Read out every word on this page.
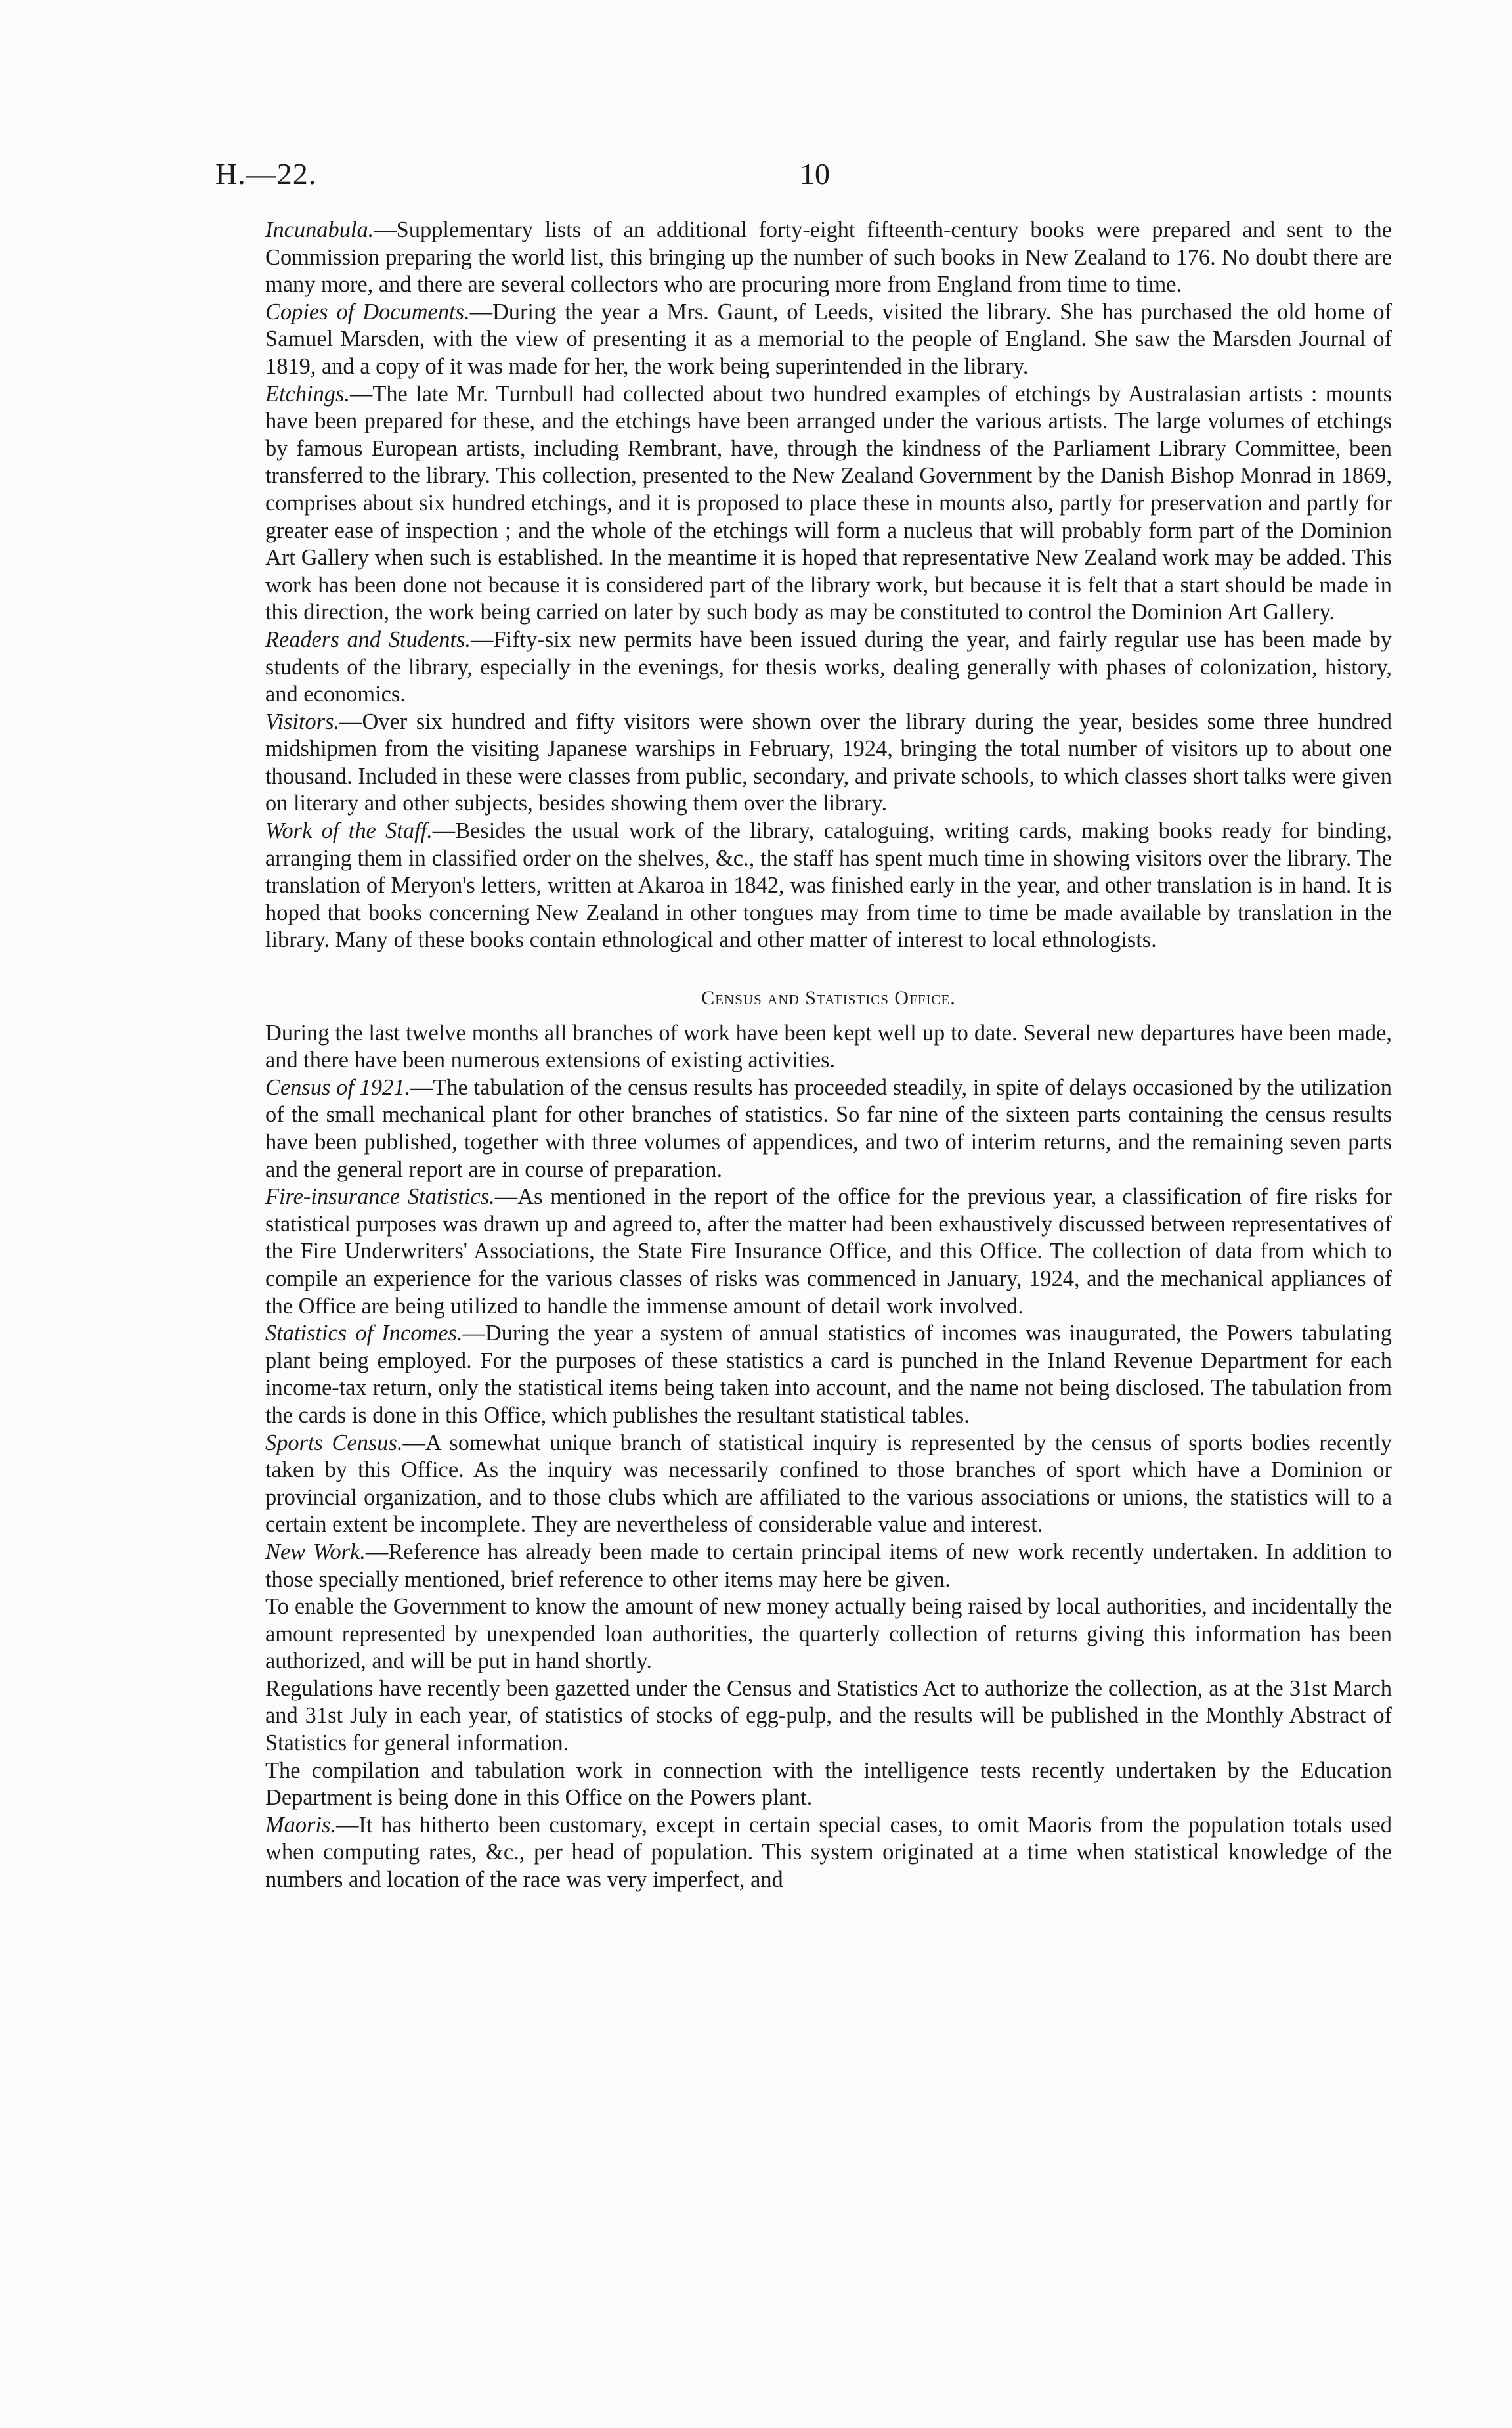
H.—22.	10

Incunabula.—Supplementary lists of an additional forty-eight fifteenth-century books were prepared and sent to the Commission preparing the world list, this bringing up the number of such books in New Zealand to 176. No doubt there are many more, and there are several collectors who are procuring more from England from time to time.

Copies of Documents.—During the year a Mrs. Gaunt, of Leeds, visited the library. She has purchased the old home of Samuel Marsden, with the view of presenting it as a memorial to the people of England. She saw the Marsden Journal of 1819, and a copy of it was made for her, the work being superintended in the library.

Etchings.—The late Mr. Turnbull had collected about two hundred examples of etchings by Australasian artists : mounts have been prepared for these, and the etchings have been arranged under the various artists. The large volumes of etchings by famous European artists, including Rembrant, have, through the kindness of the Parliament Library Committee, been transferred to the library. This collection, presented to the New Zealand Government by the Danish Bishop Monrad in 1869, comprises about six hundred etchings, and it is proposed to place these in mounts also, partly for preservation and partly for greater ease of inspection ; and the whole of the etchings will form a nucleus that will probably form part of the Dominion Art Gallery when such is established. In the meantime it is hoped that representative New Zealand work may be added. This work has been done not because it is considered part of the library work, but because it is felt that a start should be made in this direction, the work being carried on later by such body as may be constituted to control the Dominion Art Gallery.

Readers and Students.—Fifty-six new permits have been issued during the year, and fairly regular use has been made by students of the library, especially in the evenings, for thesis works, dealing generally with phases of colonization, history, and economics.

Visitors.—Over six hundred and fifty visitors were shown over the library during the year, besides some three hundred midshipmen from the visiting Japanese warships in February, 1924, bringing the total number of visitors up to about one thousand. Included in these were classes from public, secondary, and private schools, to which classes short talks were given on literary and other subjects, besides showing them over the library.

Work of the Staff.—Besides the usual work of the library, cataloguing, writing cards, making books ready for binding, arranging them in classified order on the shelves, &c., the staff has spent much time in showing visitors over the library. The translation of Meryon's letters, written at Akaroa in 1842, was finished early in the year, and other translation is in hand. It is hoped that books concerning New Zealand in other tongues may from time to time be made available by translation in the library. Many of these books contain ethnological and other matter of interest to local ethnologists.

Census and Statistics Office.

During the last twelve months all branches of work have been kept well up to date. Several new departures have been made, and there have been numerous extensions of existing activities.

Census of 1921.—The tabulation of the census results has proceeded steadily, in spite of delays occasioned by the utilization of the small mechanical plant for other branches of statistics. So far nine of the sixteen parts containing the census results have been published, together with three volumes of appendices, and two of interim returns, and the remaining seven parts and the general report are in course of preparation.

Fire-insurance Statistics.—As mentioned in the report of the office for the previous year, a classification of fire risks for statistical purposes was drawn up and agreed to, after the matter had been exhaustively discussed between representatives of the Fire Underwriters' Associations, the State Fire Insurance Office, and this Office. The collection of data from which to compile an experience for the various classes of risks was commenced in January, 1924, and the mechanical appliances of the Office are being utilized to handle the immense amount of detail work involved.

Statistics of Incomes.—During the year a system of annual statistics of incomes was inaugurated, the Powers tabulating plant being employed. For the purposes of these statistics a card is punched in the Inland Revenue Department for each income-tax return, only the statistical items being taken into account, and the name not being disclosed. The tabulation from the cards is done in this Office, which publishes the resultant statistical tables.

Sports Census.—A somewhat unique branch of statistical inquiry is represented by the census of sports bodies recently taken by this Office. As the inquiry was necessarily confined to those branches of sport which have a Dominion or provincial organization, and to those clubs which are affiliated to the various associations or unions, the statistics will to a certain extent be incomplete. They are nevertheless of considerable value and interest.

New Work.—Reference has already been made to certain principal items of new work recently undertaken. In addition to those specially mentioned, brief reference to other items may here be given.

To enable the Government to know the amount of new money actually being raised by local authorities, and incidentally the amount represented by unexpended loan authorities, the quarterly collection of returns giving this information has been authorized, and will be put in hand shortly.

Regulations have recently been gazetted under the Census and Statistics Act to authorize the collection, as at the 31st March and 31st July in each year, of statistics of stocks of egg-pulp, and the results will be published in the Monthly Abstract of Statistics for general information.

The compilation and tabulation work in connection with the intelligence tests recently undertaken by the Education Department is being done in this Office on the Powers plant.

Maoris.—It has hitherto been customary, except in certain special cases, to omit Maoris from the population totals used when computing rates, &c., per head of population. This system originated at a time when statistical knowledge of the numbers and location of the race was very imperfect, and
